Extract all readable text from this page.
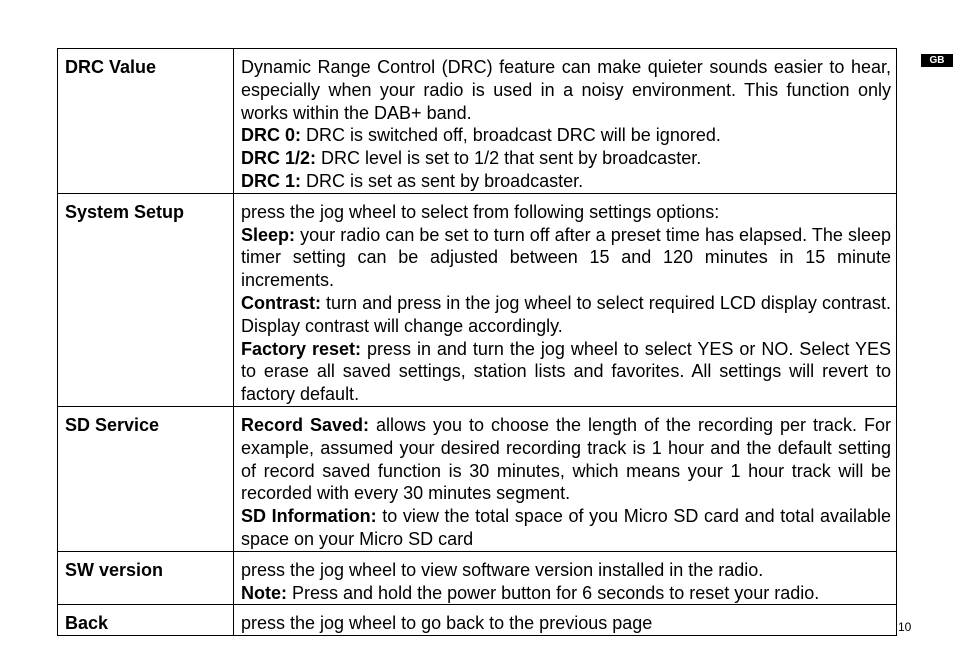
GB
DRC Value	Dynamic Range Control (DRC) feature can make quieter sounds easier to hear, especially when your radio is used in a noisy environment. This function only works within the DAB+ band.
DRC 0: DRC is switched off, broadcast DRC will be ignored.
DRC 1/2: DRC level is set to 1/2 that sent by broadcaster.
DRC 1: DRC is set as sent by broadcaster.

System Setup	press the jog wheel to select from following settings options:
Sleep: your radio can be set to turn off after a preset time has elapsed. The sleep timer setting can be adjusted between 15 and 120 minutes in 15 minute increments.
Contrast: turn and press in the jog wheel to select required LCD display contrast. Display contrast will change accordingly.
Factory reset: press in and turn the jog wheel to select YES or NO. Select YES to erase all saved settings, station lists and favorites. All settings will revert to factory default.

SD Service	Record Saved: allows you to choose the length of the recording per track. For example, assumed your desired recording track is 1 hour and the default setting of record saved function is 30 minutes, which means your 1 hour track will be recorded with every 30 minutes segment.
SD Information: to view the total space of you Micro SD card and total available space on your Micro SD card

SW version	press the jog wheel to view software version installed in the radio.
Note: Press and hold the power button for 6 seconds to reset your radio.

Back	press the jog wheel to go back to the previous page	10
